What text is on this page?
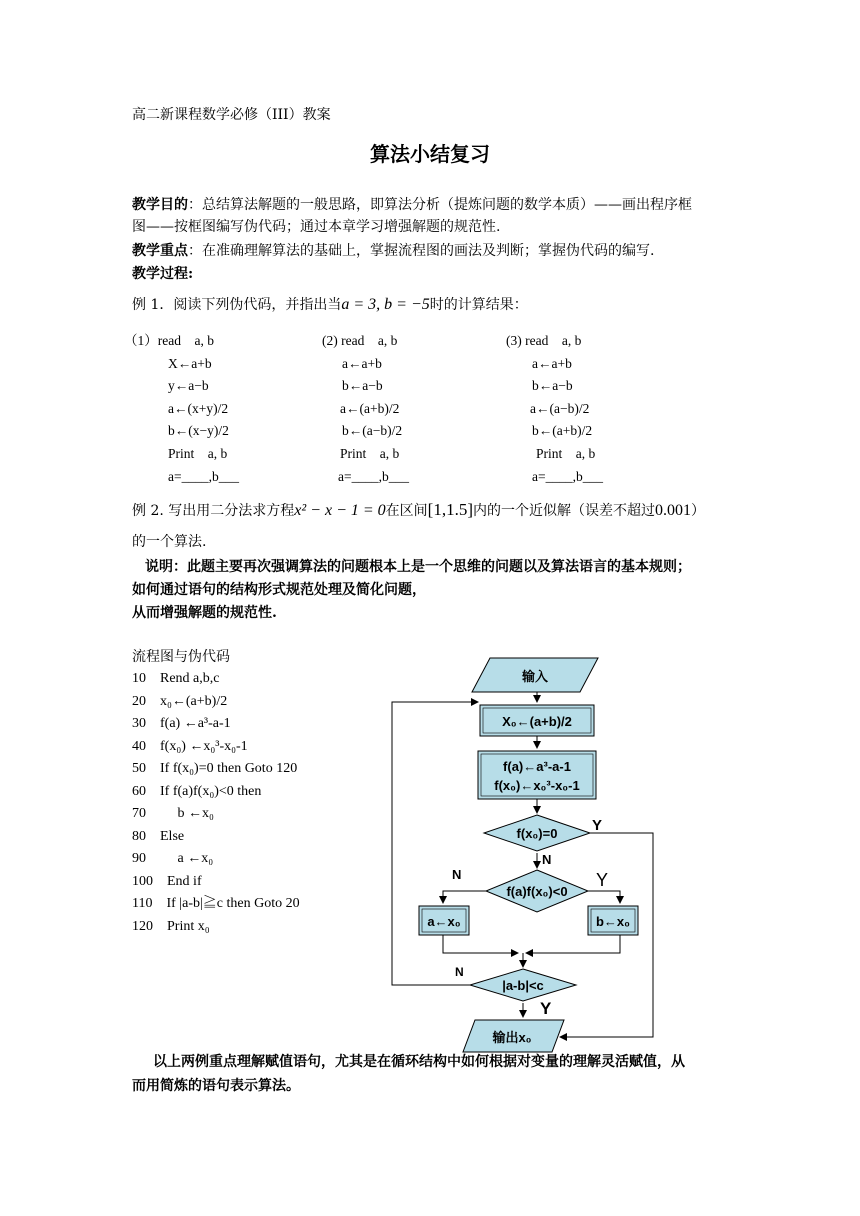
高二新课程数学必修（III）教案
算法小结复习
教学目的：总结算法解题的一般思路，即算法分析（提炼问题的数学本质）——画出程序框
图——按框图编写伪代码；通过本章学习增强解题的规范性.
教学重点：在准确理解算法的基础上，掌握流程图的画法及判断；掌握伪代码的编写.
教学过程:
例 1．阅读下列伪代码，并指出当a = 3, b = −5时的计算结果：
（1）read　a, b
X←a+b
y←a−b
a←(x+y)/2
b←(x−y)/2
Print　a, b
a=____,b___
(2) read　a, b
a←a+b
b←a−b
a←(a+b)/2
b←(a−b)/2
Print　a, b
a=____,b___
(3) read　a, b
a←a+b
b←a−b
a←(a−b)/2
b←(a+b)/2
Print　a, b
a=____,b___
例 2. 写出用二分法求方程x² − x − 1 = 0在区间[1,1.5]内的一个近似解（误差不超过0.001）
的一个算法.
说明：此题主要再次强调算法的问题根本上是一个思维的问题以及算法语言的基本规则；
如何通过语句的结构形式规范处理及简化问题，
从而增强解题的规范性.
流程图与伪代码
10　Rend a,b,c
20　x₀←(a+b)/2
30　f(a) ←a³-a-1
40　f(x₀) ←x₀³-x₀-1
50　If f(x₀)=0 then Goto 120
60　If f(a)f(x₀)<0 then
70　　 b ←x₀
80　Else
90　　 a ←x₀
100　End if
110　If |a-b|≧c then Goto 20
120　Print x₀
输入
X₀←(a+b)/2
f(a)←a³-a-1
f(x₀)←x₀³-x₀-1
f(x₀)=0 Y
N
f(a)f(x₀)<0
N	Y
a←x₀	b←x₀
|a-b|<c
N
Y
输出x₀
以上两例重点理解赋值语句，尤其是在循环结构中如何根据对变量的理解灵活赋值，从
而用简炼的语句表示算法。
